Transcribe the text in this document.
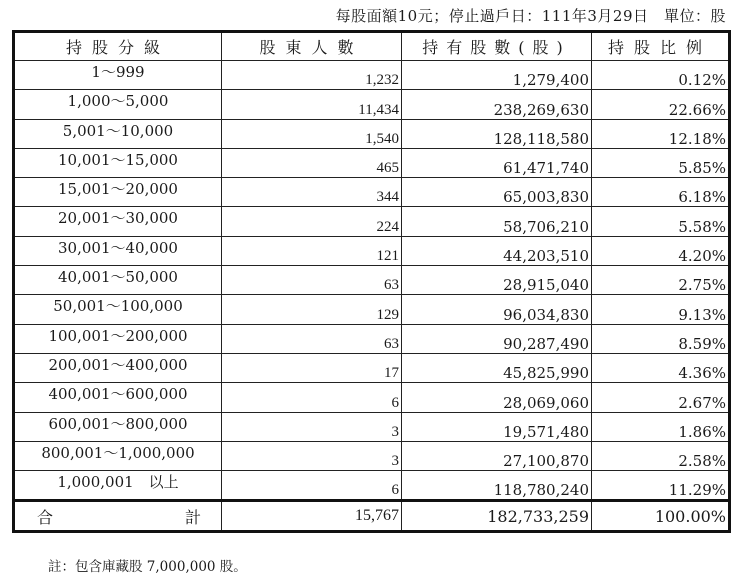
每股面額10元；停止過戶日：111年3月29日　單位：股
持股分級	股東人數	持有股數(股)	持股比例
1～999	1,232	1,279,400	0.12%
1,000～5,000	11,434	238,269,630	22.66%
5,001～10,000	1,540	128,118,580	12.18%
10,001～15,000	465	61,471,740	5.85%
15,001～20,000	344	65,003,830	6.18%
20,001～30,000	224	58,706,210	5.58%
30,001～40,000	121	44,203,510	4.20%
40,001～50,000	63	28,915,040	2.75%
50,001～100,000	129	96,034,830	9.13%
100,001～200,000	63	90,287,490	8.59%
200,001～400,000	17	45,825,990	4.36%
400,001～600,000	6	28,069,060	2.67%
600,001～800,000	3	19,571,480	1.86%
800,001～1,000,000	3	27,100,870	2.58%
1,000,001　以上	6	118,780,240	11.29%

合 計	15,767	182,733,259	100.00%
註：包含庫藏股 7,000,000 股。
